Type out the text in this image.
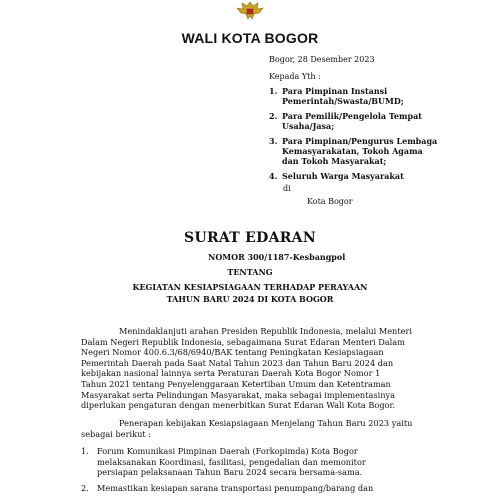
WALI KOTA BOGOR
Bogor, 28 Desember 2023
Kepada Yth :
1. Para Pimpinan Instansi
Pemerintah/Swasta/BUMD;
2. Para Pemilik/Pengelola Tempat
Usaha/Jasa;
3. Para Pimpinan/Pengurus Lembaga
Kemasyarakatan, Tokoh Agama
dan Tokoh Masyarakat;
4. Seluruh Warga Masyarakat
di
Kota Bogor
SURAT EDARAN
NOMOR 300/1187-Kesbangpol
TENTANG
KEGIATAN KESIAPSIAGAAN TERHADAP PERAYAAN
TAHUN BARU 2024 DI KOTA BOGOR
Menindaklanjuti arahan Presiden Republik Indonesia, melalui Menteri
Dalam Negeri Republik Indonesia, sebagaimana Surat Edaran Menteri Dalam
Negeri Nomor 400.6.3/68/6940/BAK tentang Peningkatan Kesiapsiagaan
Pemerintah Daerah pada Saat Natal Tahun 2023 dan Tahun Baru 2024 dan
kebijakan nasional lainnya serta Peraturan Daerah Kota Bogor Nomor 1
Tahun 2021 tentang Penyelenggaraan Ketertiban Umum dan Ketentraman
Masyarakat serta Pelindungan Masyarakat, maka sebagai implementasinya
diperlukan pengaturan dengan menerbitkan Surat Edaran Wali Kota Bogor.
Penerapan kebijakan Kesiapsiagaan Menjelang Tahun Baru 2023 yaitu
sebagai berikut :
1. Forum Komunikasi Pimpinan Daerah (Forkopimda) Kota Bogor
melaksanakan Koordinasi, fasilitasi, pengedalian dan memonitor
persiapan pelaksanaan Tahun Baru 2024 secara bersama-sama.
2. Memastikan kesiapan sarana transportasi penumpang/barang dan
